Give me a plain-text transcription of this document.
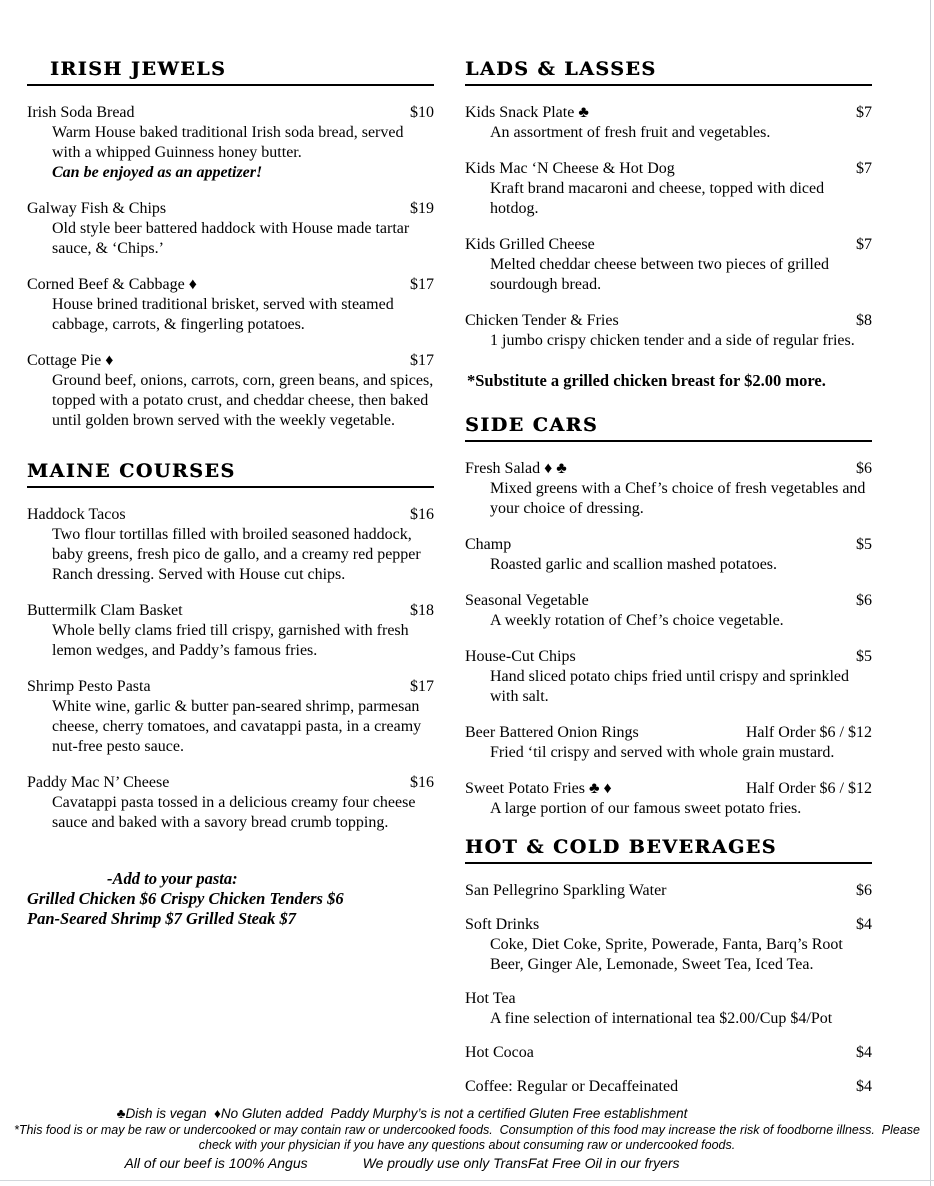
IRISH JEWELS
Irish Soda Bread	$10
Warm House baked traditional Irish soda bread, served with a whipped Guinness honey butter.
Can be enjoyed as an appetizer!
Galway Fish & Chips	$19
Old style beer battered haddock with House made tartar sauce, & ‘Chips.’
Corned Beef & Cabbage ♦	$17
House brined traditional brisket, served with steamed cabbage, carrots, & fingerling potatoes.
Cottage Pie ♦	$17
Ground beef, onions, carrots, corn, green beans, and spices, topped with a potato crust, and cheddar cheese, then baked until golden brown served with the weekly vegetable.
MAINE COURSES
Haddock Tacos	$16
Two flour tortillas filled with broiled seasoned haddock, baby greens, fresh pico de gallo, and a creamy red pepper Ranch dressing. Served with House cut chips.
Buttermilk Clam Basket	$18
Whole belly clams fried till crispy, garnished with fresh lemon wedges, and Paddy’s famous fries.
Shrimp Pesto Pasta	$17
White wine, garlic & butter pan-seared shrimp, parmesan cheese, cherry tomatoes, and cavatappi pasta, in a creamy nut-free pesto sauce.
Paddy Mac N’ Cheese	$16
Cavatappi pasta tossed in a delicious creamy four cheese sauce and baked with a savory bread crumb topping.
-Add to your pasta:
Grilled Chicken $6 Crispy Chicken Tenders $6
Pan-Seared Shrimp $7 Grilled Steak $7
LADS & LASSES
Kids Snack Plate ♣	$7
An assortment of fresh fruit and vegetables.
Kids Mac ‘N Cheese & Hot Dog	$7
Kraft brand macaroni and cheese, topped with diced hotdog.
Kids Grilled Cheese	$7
Melted cheddar cheese between two pieces of grilled sourdough bread.
Chicken Tender & Fries	$8
1 jumbo crispy chicken tender and a side of regular fries.
*Substitute a grilled chicken breast for $2.00 more.
SIDE CARS
Fresh Salad ♦ ♣	$6
Mixed greens with a Chef’s choice of fresh vegetables and your choice of dressing.
Champ	$5
Roasted garlic and scallion mashed potatoes.
Seasonal Vegetable	$6
A weekly rotation of Chef’s choice vegetable.
House-Cut Chips	$5
Hand sliced potato chips fried until crispy and sprinkled with salt.
Beer Battered Onion Rings	Half Order $6 / $12
Fried ‘til crispy and served with whole grain mustard.
Sweet Potato Fries ♣ ♦	Half Order $6 / $12
A large portion of our famous sweet potato fries.
HOT & COLD BEVERAGES
San Pellegrino Sparkling Water	$6
Soft Drinks	$4
Coke, Diet Coke, Sprite, Powerade, Fanta, Barq’s Root Beer, Ginger Ale, Lemonade, Sweet Tea, Iced Tea.
Hot Tea
A fine selection of international tea $2.00/Cup $4/Pot
Hot Cocoa	$4
Coffee: Regular or Decaffeinated	$4
♣Dish is vegan  ♦No Gluten added  Paddy Murphy’s is not a certified Gluten Free establishment
*This food is or may be raw or undercooked or may contain raw or undercooked foods.  Consumption of this food may increase the risk of foodborne illness.  Please
check with your physician if you have any questions about consuming raw or undercooked foods.
All of our beef is 100% Angus	We proudly use only TransFat Free Oil in our fryers
